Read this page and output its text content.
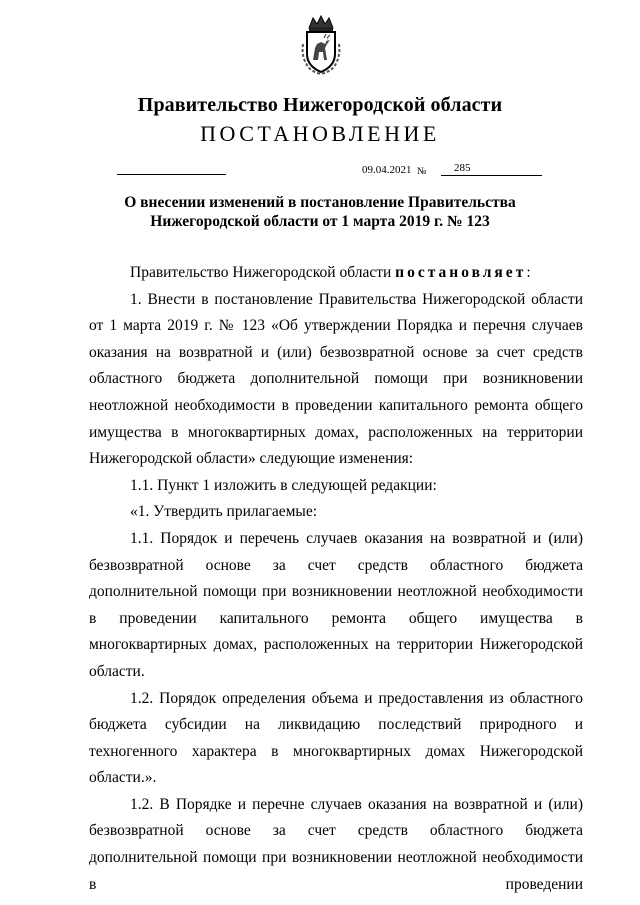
Правительство Нижегородской области
ПОСТАНОВЛЕНИЕ
09.04.2021 № 285
О внесении изменений в постановление Правительства
Нижегородской области от 1 марта 2019 г. № 123

Правительство Нижегородской области постановляет:

1. Внести в постановление Правительства Нижегородской области от 1 марта 2019 г. № 123 «Об утверждении Порядка и перечня случаев оказания на возвратной и (или) безвозвратной основе за счет средств областного бюджета дополнительной помощи при возникновении неотложной необходимости в проведении капитального ремонта общего имущества в многоквартирных домах, расположенных на территории Нижегородской области» следующие изменения:

1.1. Пункт 1 изложить в следующей редакции:

«1. Утвердить прилагаемые:

1.1. Порядок и перечень случаев оказания на возвратной и (или) безвозвратной основе за счет средств областного бюджета дополнительной помощи при возникновении неотложной необходимости в проведении капитального ремонта общего имущества в многоквартирных домах, расположенных на территории Нижегородской области.

1.2. Порядок определения объема и предоставления из областного бюджета субсидии на ликвидацию последствий природного и техногенного характера в многоквартирных домах Нижегородской области.».

1.2. В Порядке и перечне случаев оказания на возвратной и (или) безвозвратной основе за счет средств областного бюджета дополнительной помощи при возникновении неотложной необходимости в проведении
